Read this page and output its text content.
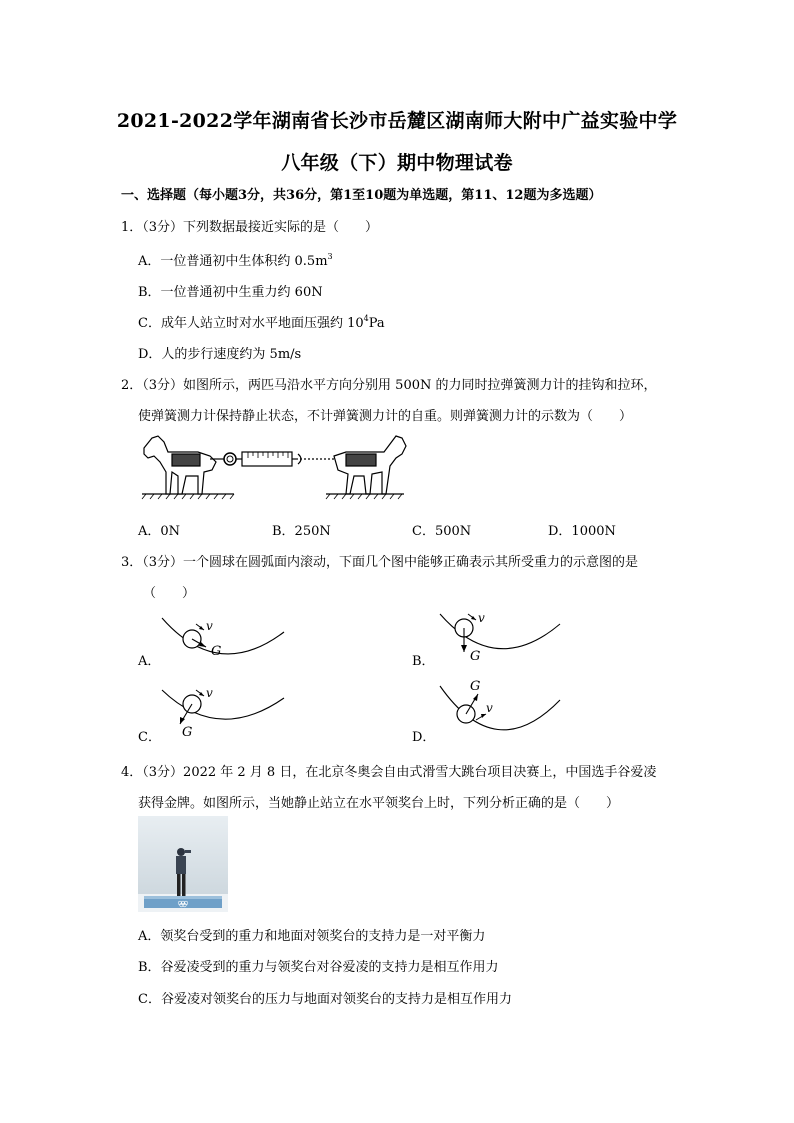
2021-2022学年湖南省长沙市岳麓区湖南师大附中广益实验中学
八年级（下）期中物理试卷
一、选择题（每小题3分，共36分，第1至10题为单选题，第11、12题为多选题）
1．（3分）下列数据最接近实际的是（　　）
A．一位普通初中生体积约 $0.5m^3$
B．一位普通初中生重力约 60N
C．成年人站立时对水平地面压强约 $10^4Pa$
D．人的步行速度约为 5m/s
2．（3分）如图所示，两匹马沿水平方向分别用 500N 的力同时拉弹簧测力计的挂钩和拉环，
使弹簧测力计保持静止状态，不计弹簧测力计的自重。则弹簧测力计的示数为（　　）
A．0N	B．250N	C．500N	D．1000N
3．（3分）一个圆球在圆弧面内滚动，下面几个图中能够正确表示其所受重力的示意图的是
（　　）
A．
v
G
B．
v
G
C．
v
G	D．
G
v
4．（3分）2022 年 2 月 8 日，在北京冬奥会自由式滑雪大跳台项目决赛上，中国选手谷爱凌
获得金牌。如图所示，当她静止站立在水平领奖台上时，下列分析正确的是（　　）
A．领奖台受到的重力和地面对领奖台的支持力是一对平衡力
B．谷爱凌受到的重力与领奖台对谷爱凌的支持力是相互作用力
C．谷爱凌对领奖台的压力与地面对领奖台的支持力是相互作用力
